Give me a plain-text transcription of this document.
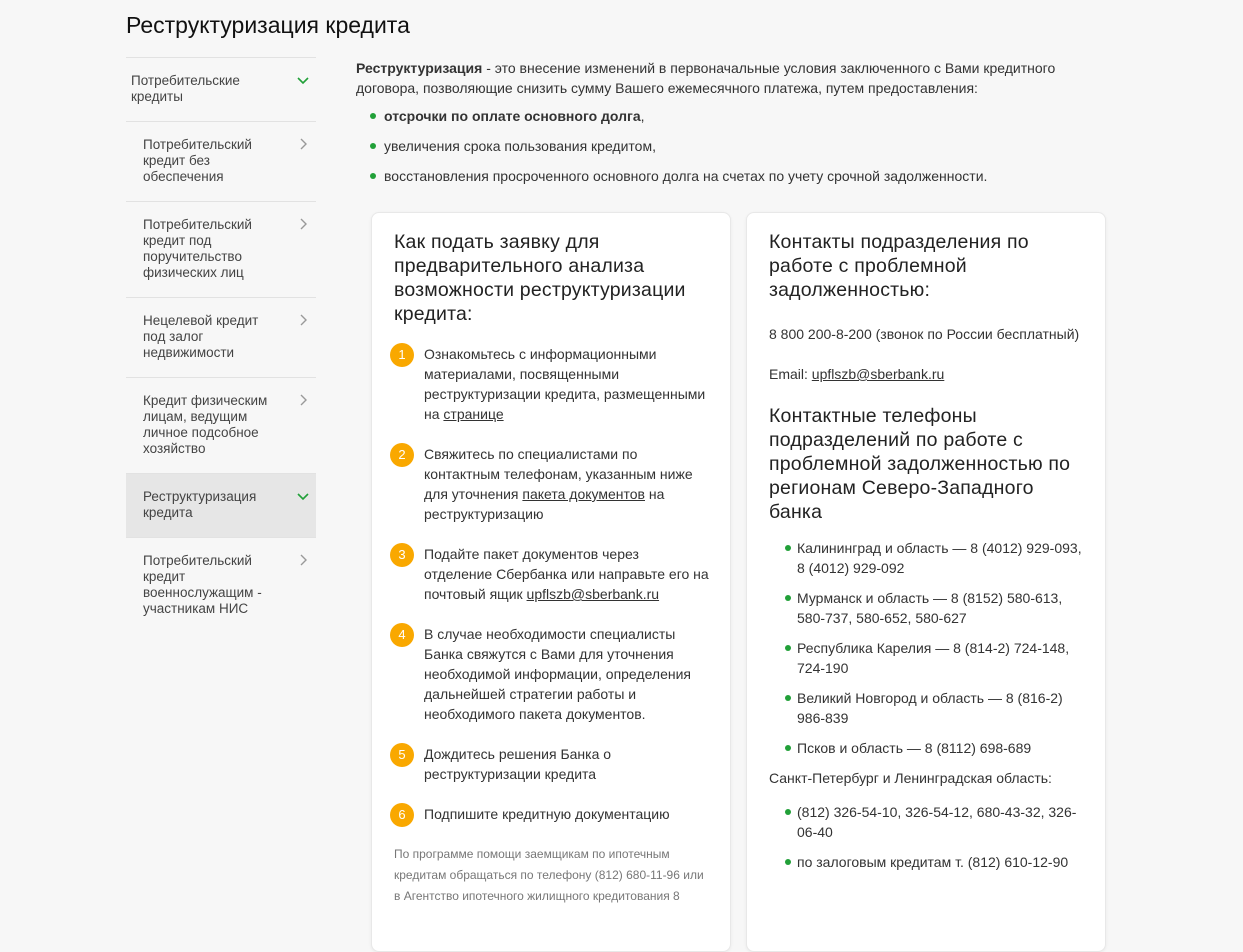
Реструктуризация кредита
Потребительские кредиты
Потребительский кредит без обеспечения
Потребительский кредит под поручительство физических лиц
Нецелевой кредит под залог недвижимости
Кредит физическим лицам, ведущим личное подсобное хозяйство
Реструктуризация кредита
Потребительский кредит военнослужащим - участникам НИС

Реструктуризация - это внесение изменений в первоначальные условия заключенного с Вами кредитного договора, позволяющие снизить сумму Вашего ежемесячного платежа, путем предоставления:

отсрочки по оплате основного долга,
увеличения срока пользования кредитом,
восстановления просроченного основного долга на счетах по учету срочной задолженности.
Как подать заявку для предварительного анализа возможности реструктуризации кредита:
1	Ознакомьтесь с информационными материалами, посвященными реструктуризации кредита, размещенными на странице
2	Свяжитесь по специалистами по контактным телефонам, указанным ниже для уточнения пакета документов на реструктуризацию
3	Подайте пакет документов через отделение Сбербанка или направьте его на почтовый ящик upflszb@sberbank.ru
4	В случае необходимости специалисты Банка свяжутся с Вами для уточнения необходимой информации, определения дальнейшей стратегии работы и необходимого пакета документов.
5	Дождитесь решения Банка о реструктуризации кредита
6	Подпишите кредитную документацию
По программе помощи заемщикам по ипотечным кредитам обращаться по телефону (812) 680-11-96 или в Агентство ипотечного жилищного кредитования 8
Контакты подразделения по работе с проблемной задолженностью:

8 800 200-8-200 (звонок по России бесплатный)

Email: upflszb@sberbank.ru

Контактные телефоны подразделений по работе с проблемной задолженностью по регионам Северо-Западного банка
Калининград и область — 8 (4012) 929-093, 8 (4012) 929-092
Мурманск и область — 8 (8152) 580-613, 580-737, 580-652, 580-627
Республика Карелия — 8 (814-2) 724-148, 724-190
Великий Новгород и область — 8 (816-2) 986-839
Псков и область — 8 (8112) 698-689

Санкт-Петербург и Ленинградская область:

(812) 326-54-10, 326-54-12, 680-43-32, 326-06-40
по залоговым кредитам т. (812) 610-12-90
